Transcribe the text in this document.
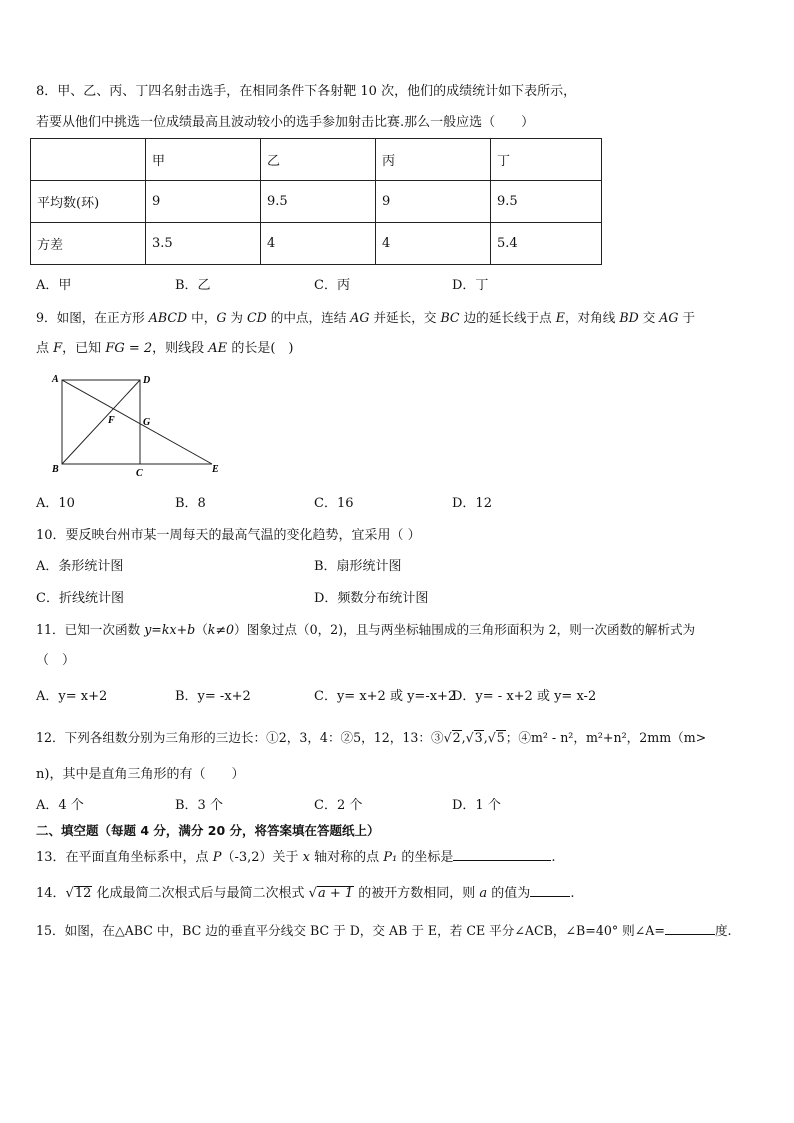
8．甲、乙、丙、丁四名射击选手，在相同条件下各射靶 10 次，他们的成绩统计如下表所示，
若要从他们中挑选一位成绩最高且波动较小的选手参加射击比赛.那么一般应选（　　）
	甲	乙	丙	丁
平均数(环)	9	9.5	9	9.5
方差	3.5	4	4	5.4
A．甲	B．乙	C．丙	D．丁
9．如图，在正方形 ABCD 中，G 为 CD 的中点，连结 AG 并延长，交 BC 边的延长线于点 E，对角线 BD 交 AG 于
点 F，已知 FG = 2，则线段 AE 的长是(　)
A	D
F	G
B	C	E
A．10	B．8	C．16	D．12
10．要反映台州市某一周每天的最高气温的变化趋势，宜采用（ ）
A．条形统计图	B．扇形统计图
C．折线统计图	D．频数分布统计图
11．已知一次函数 y=kx+b（k≠0）图象过点（0，2)，且与两坐标轴围成的三角形面积为 2，则一次函数的解析式为
（　）
A．y= x+2	B．y= -x+2	C．y= x+2 或 y=-x+2
D．y= - x+2 或 y= x-2
12．下列各组数分别为三角形的三边长：①2，3，4：②5，12，13：③√2,√3,√5；④m² - n²，m²+n²，2mm（m>
n)，其中是直角三角形的有（　　）
A．4 个	B．3 个	C．2 个	D．1 个
二、填空题（每题 4 分，满分 20 分，将答案填在答题纸上）
13．在平面直角坐标系中，点 P（-3,2）关于 x 轴对称的点 P₁ 的坐标是	.
14．√12 化成最简二次根式后与最简二次根式 √a + 1 的被开方数相同，则 a 的值为	.
15．如图，在△ABC 中，BC 边的垂直平分线交 BC 于 D，交 AB 于 E，若 CE 平分∠ACB，∠B=40° 则∠A=	度.
